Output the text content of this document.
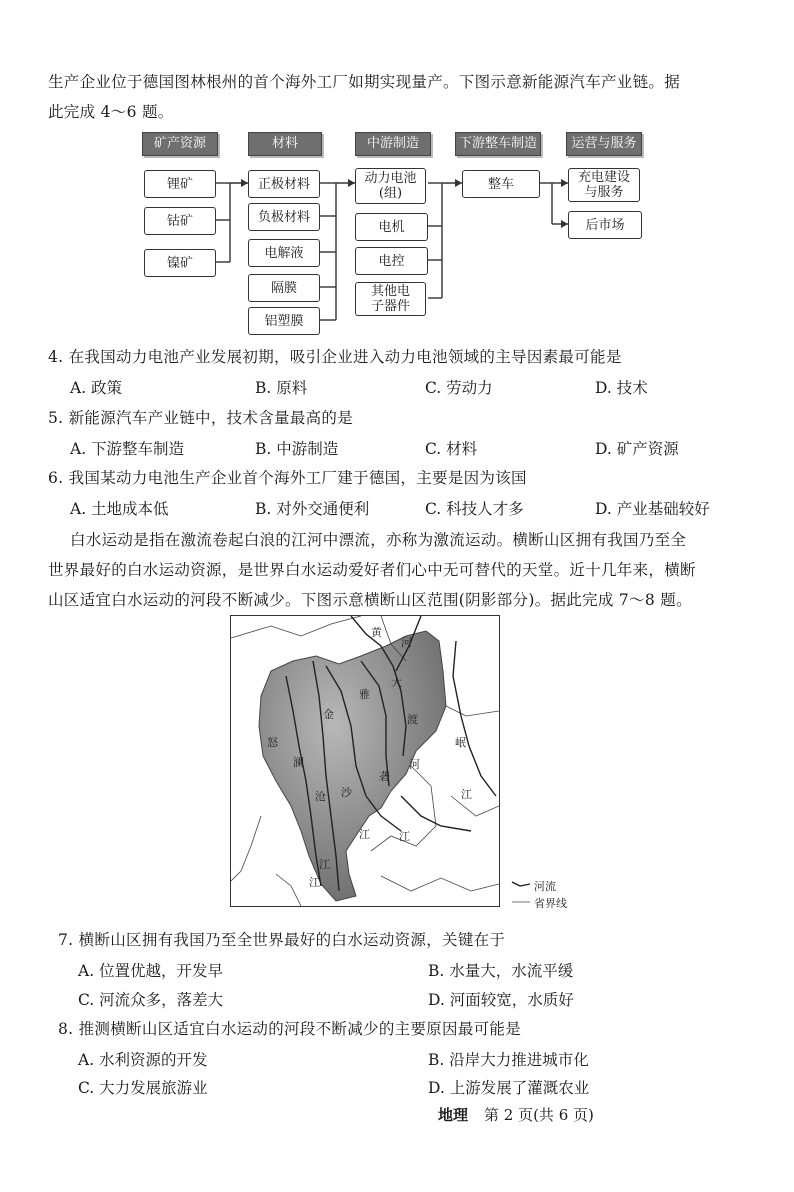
生产企业位于德国图林根州的首个海外工厂如期实现量产。下图示意新能源汽车产业链。据
此完成 4～6 题。
矿产资源	材料	中游制造	下游整车制造	运营与服务
锂矿
钴矿
镍矿
正极材料
负极材料
电解液
隔膜
铝塑膜
动力电池(组)
电机
电控
其他电子器件
整车	充电建设与服务
后市场
4. 在我国动力电池产业发展初期，吸引企业进入动力电池领域的主导因素最可能是
A. 政策	B. 原料	C. 劳动力	D. 技术
5. 新能源汽车产业链中，技术含量最高的是
A. 下游整车制造	B. 中游制造	C. 材料	D. 矿产资源
6. 我国某动力电池生产企业首个海外工厂建于德国，主要是因为该国
A. 土地成本低	B. 对外交通便利	C. 科技人才多	D. 产业基础较好
白水运动是指在激流卷起白浪的江河中漂流，亦称为激流运动。横断山区拥有我国乃至全
世界最好的白水运动资源，是世界白水运动爱好者们心中无可替代的天堂。近十几年来，横断
山区适宜白水运动的河段不断减少。下图示意横断山区范围(阴影部分)。据此完成 7～8 题。
黄
河
大
渡
河
雅
砻
金
沙
江
怒
澜
沧
江
江
岷
江
江
河流
省界线
7. 横断山区拥有我国乃至全世界最好的白水运动资源，关键在于
A. 位置优越，开发早	B. 水量大，水流平缓
C. 河流众多，落差大	D. 河面较宽，水质好
8. 推测横断山区适宜白水运动的河段不断减少的主要原因最可能是
A. 水利资源的开发	B. 沿岸大力推进城市化
C. 大力发展旅游业	D. 上游发展了灌溉农业
地理 第 2 页(共 6 页)
